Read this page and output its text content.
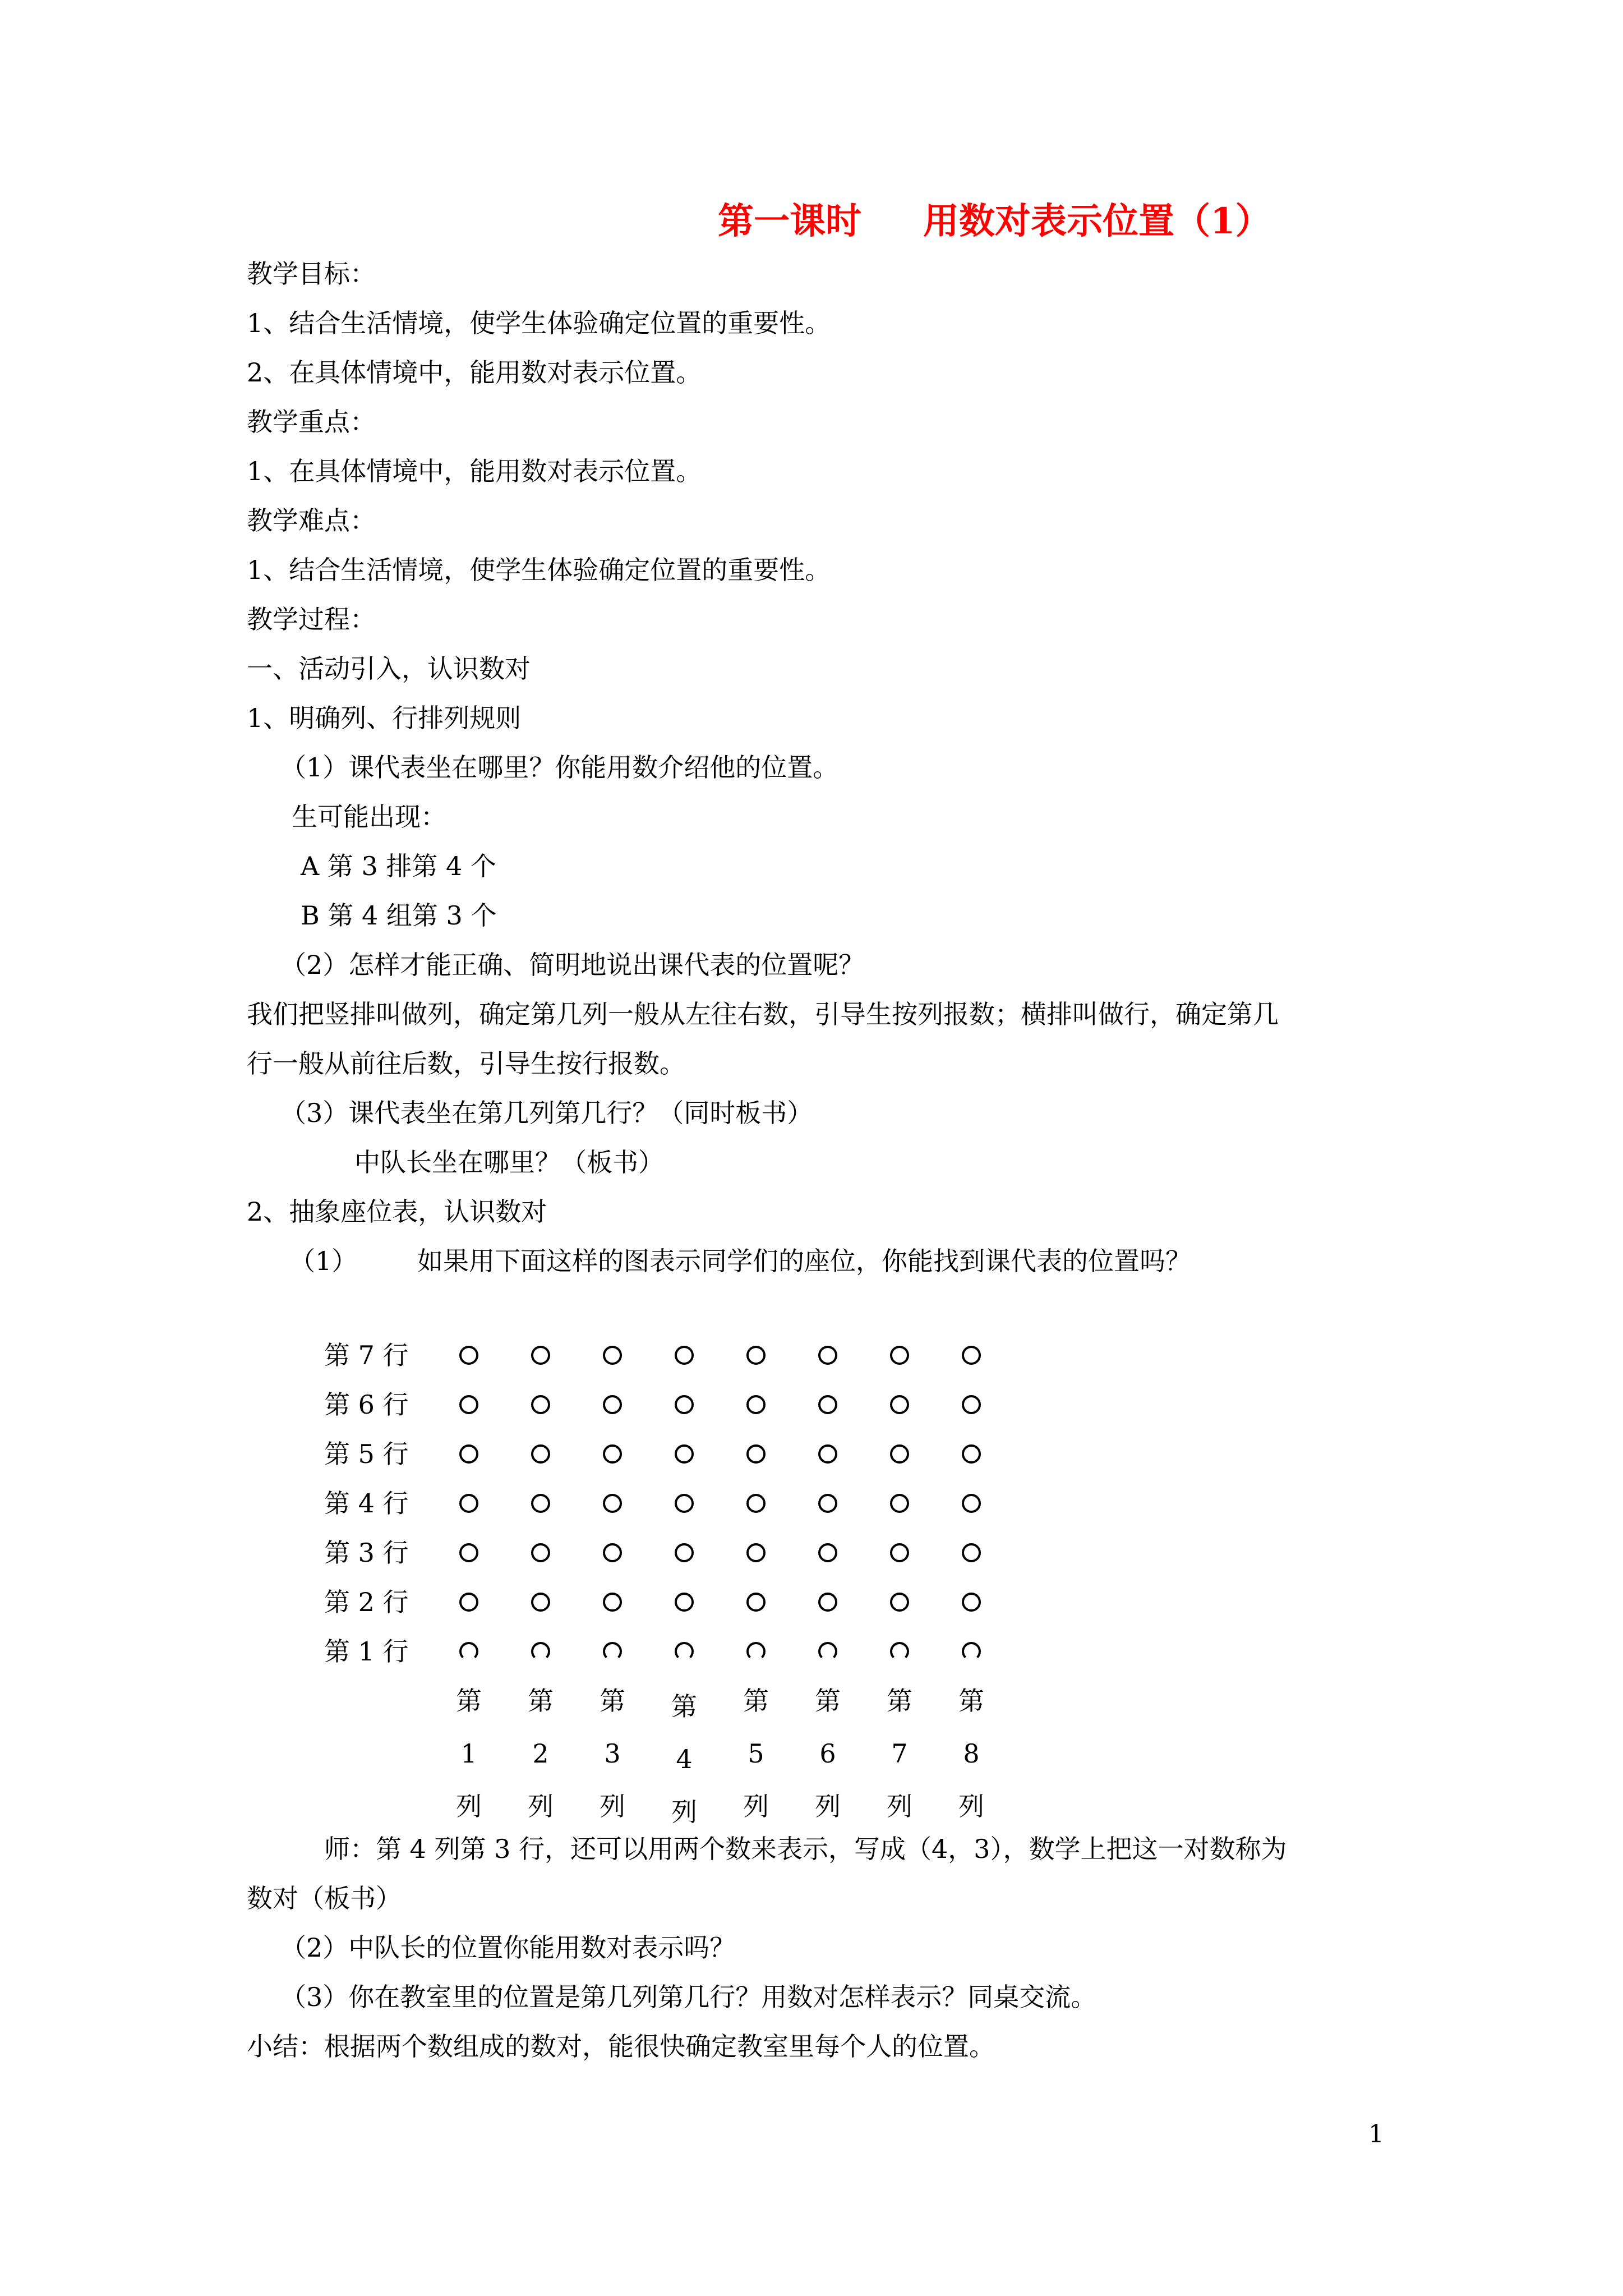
第一课时 用数对表示位置（1）

教学目标：

1、结合生活情境，使学生体验确定位置的重要性。

2、在具体情境中，能用数对表示位置。

教学重点：

1、在具体情境中，能用数对表示位置。

教学难点：

1、结合生活情境，使学生体验确定位置的重要性。

教学过程：

一、活动引入，认识数对

1、明确列、行排列规则

（1）课代表坐在哪里？你能用数介绍他的位置。

生可能出现：

A 第 3 排第 4 个

B 第 4 组第 3 个

（2）怎样才能正确、简明地说出课代表的位置呢？

我们把竖排叫做列，确定第几列一般从左往右数，引导生按列报数；横排叫做行，确定第几

行一般从前往后数，引导生按行报数。

（3）课代表坐在第几列第几行？（同时板书）

中队长坐在哪里？（板书）

2、抽象座位表，认识数对

（1） 如果用下面这样的图表示同学们的座位，你能找到课代表的位置吗？

第 7 行
第 6 行
第 5 行
第 4 行
第 3 行
第 2 行
第 1 行
第
1
列
第
2
列
第
3
列
第
4
列
第
5
列
第
6
列
第
7
列
第
8
列

师：第 4 列第 3 行，还可以用两个数来表示，写成（4，3），数学上把这一对数称为

数对（板书）

（2）中队长的位置你能用数对表示吗？

（3）你在教室里的位置是第几列第几行？用数对怎样表示？同桌交流。

小结：根据两个数组成的数对，能很快确定教室里每个人的位置。

1
